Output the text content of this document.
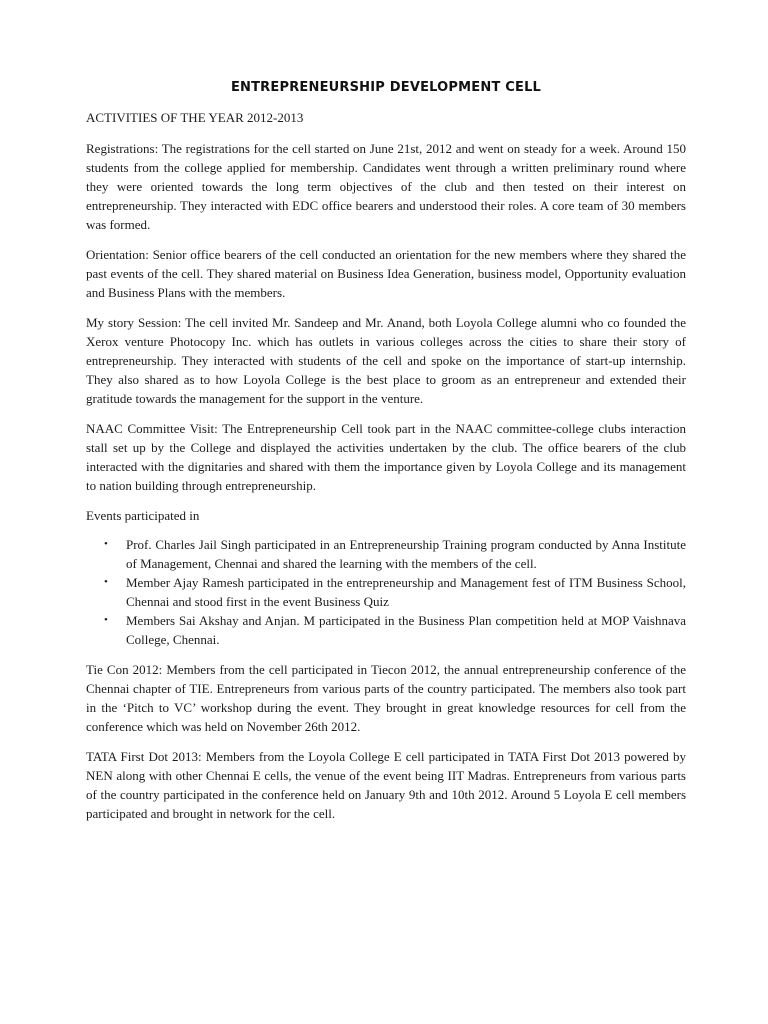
ENTREPRENEURSHIP DEVELOPMENT CELL
ACTIVITIES OF THE YEAR 2012-2013

Registrations: The registrations for the cell started on June 21st, 2012 and went on steady for a week. Around 150 students from the college applied for membership. Candidates went through a written preliminary round where they were oriented towards the long term objectives of the club and then tested on their interest on entrepreneurship. They interacted with EDC office bearers and understood their roles. A core team of 30 members was formed.

Orientation: Senior office bearers of the cell conducted an orientation for the new members where they shared the past events of the cell. They shared material on Business Idea Generation, business model, Opportunity evaluation and Business Plans with the members.

My story Session: The cell invited Mr. Sandeep and Mr. Anand, both Loyola College alumni who co founded the Xerox venture Photocopy Inc. which has outlets in various colleges across the cities to share their story of entrepreneurship. They interacted with students of the cell and spoke on the importance of start-up internship. They also shared as to how Loyola College is the best place to groom as an entrepreneur and extended their gratitude towards the management for the support in the venture.

NAAC Committee Visit: The Entrepreneurship Cell took part in the NAAC committee-college clubs interaction stall set up by the College and displayed the activities undertaken by the club. The office bearers of the club interacted with the dignitaries and shared with them the importance given by Loyola College and its management to nation building through entrepreneurship.

Events participated in

• Prof. Charles Jail Singh participated in an Entrepreneurship Training program conducted by Anna Institute of Management, Chennai and shared the learning with the members of the cell.
• Member Ajay Ramesh participated in the entrepreneurship and Management fest of ITM Business School, Chennai and stood first in the event Business Quiz
• Members Sai Akshay and Anjan. M participated in the Business Plan competition held at MOP Vaishnava College, Chennai.

Tie Con 2012: Members from the cell participated in Tiecon 2012, the annual entrepreneurship conference of the Chennai chapter of TIE. Entrepreneurs from various parts of the country participated. The members also took part in the ‘Pitch to VC’ workshop during the event. They brought in great knowledge resources for cell from the conference which was held on November 26th 2012.

TATA First Dot 2013: Members from the Loyola College E cell participated in TATA First Dot 2013 powered by NEN along with other Chennai E cells, the venue of the event being IIT Madras. Entrepreneurs from various parts of the country participated in the conference held on January 9th and 10th 2012. Around 5 Loyola E cell members participated and brought in network for the cell.
